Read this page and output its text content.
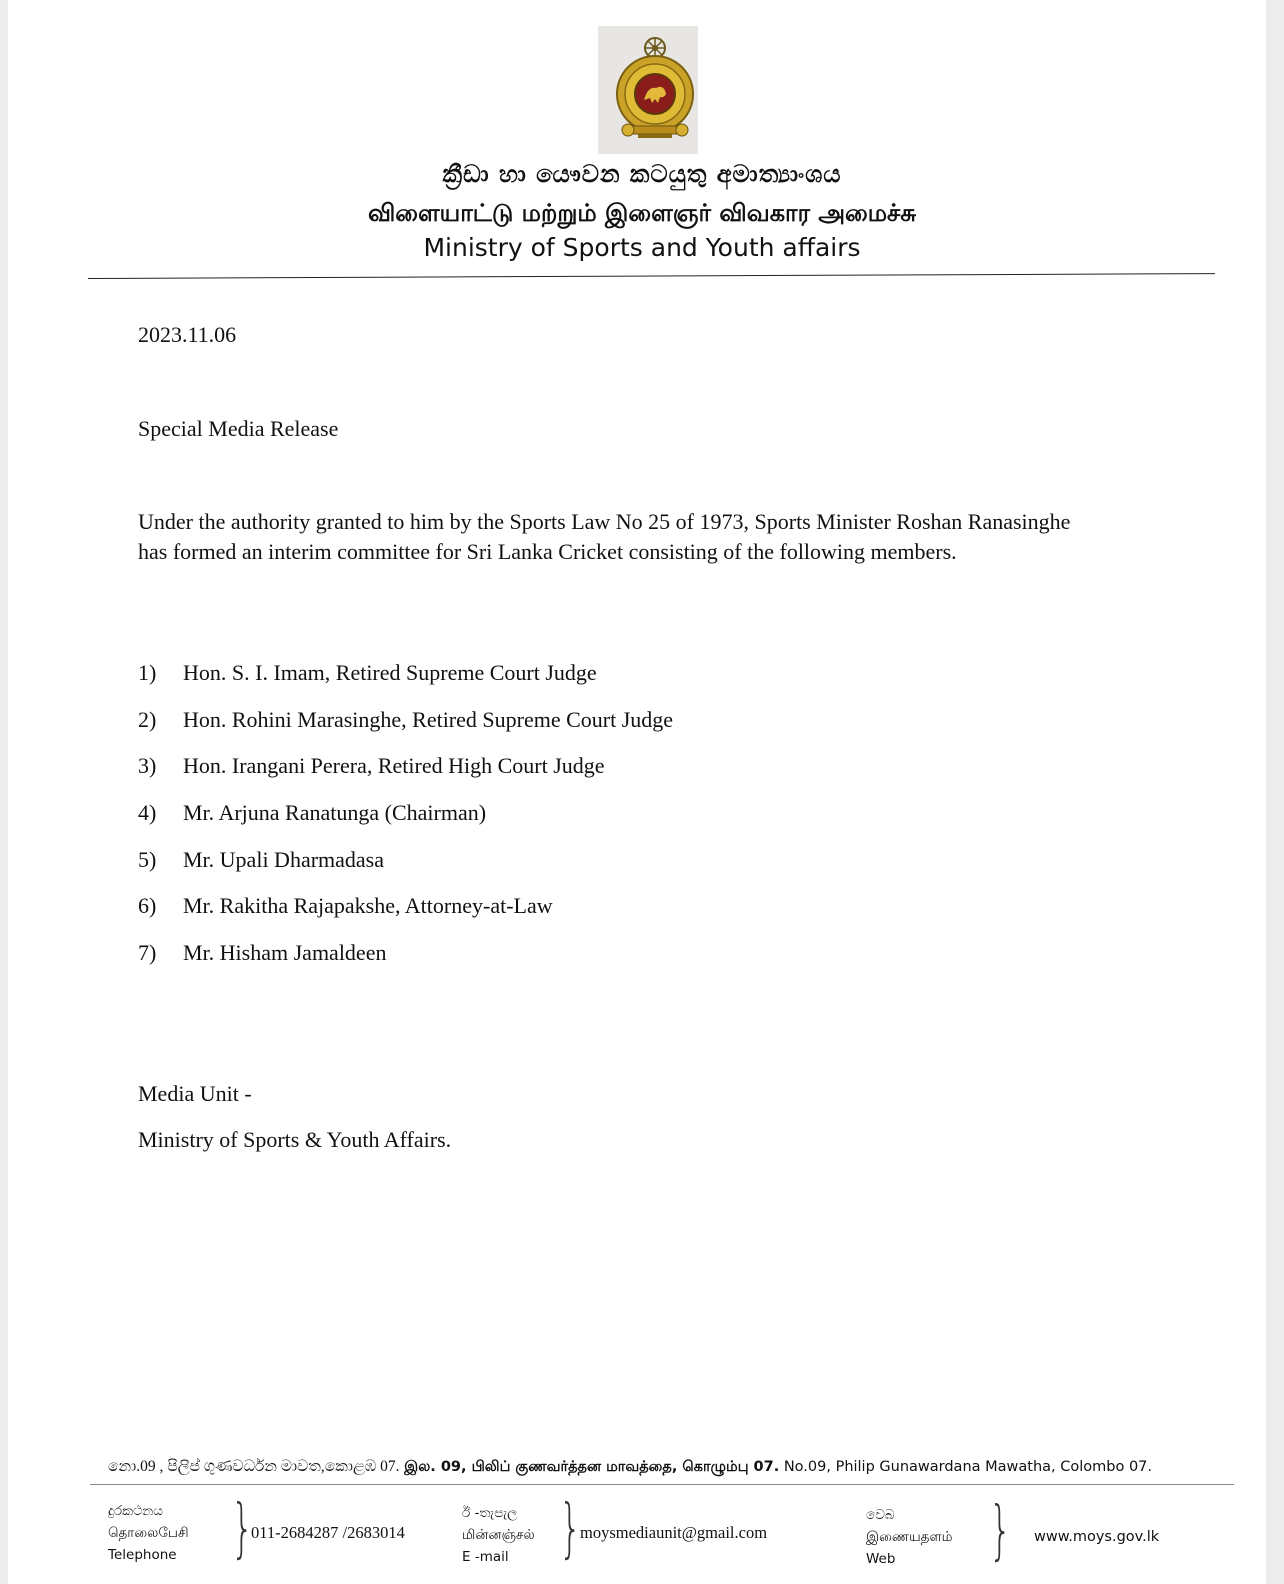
ක්‍රීඩා හා යෞවන කටයුතු අමාත්‍යාංශය
விளையாட்டு மற்றும் இளைஞர் விவகார அமைச்சு
Ministry of Sports and Youth affairs
2023.11.06
Special Media Release
Under the authority granted to him by the Sports Law No 25 of 1973, Sports Minister Roshan Ranasinghe has formed an interim committee for Sri Lanka Cricket consisting of the following members.
1)	Hon. S. I. Imam, Retired Supreme Court Judge
2)	Hon. Rohini Marasinghe, Retired Supreme Court Judge
3)	Hon. Irangani Perera, Retired High Court Judge
4)	Mr. Arjuna Ranatunga (Chairman)
5)	Mr. Upali Dharmadasa
6)	Mr. Rakitha Rajapakshe, Attorney-at-Law
7)	Mr. Hisham Jamaldeen
Media Unit -
Ministry of Sports & Youth Affairs.
නො.09 , පිලිප් ගුණවර්ධන මාවත,කොළඹ 07. இல. 09, பிலிப் குணவர்த்தன மாவத்தை, கொழும்பு 07. No.09, Philip Gunawardana Mawatha, Colombo 07.
දුරකථනය
தொலைபேசி
Telephone }
011-2684287 /2683014
ඊ -තැපැල
மின்னஞ்சல்
E -mail }
moysmediaunit@gmail.com
වෙබ
இணையதளம்
Web	} www.moys.gov.lk
